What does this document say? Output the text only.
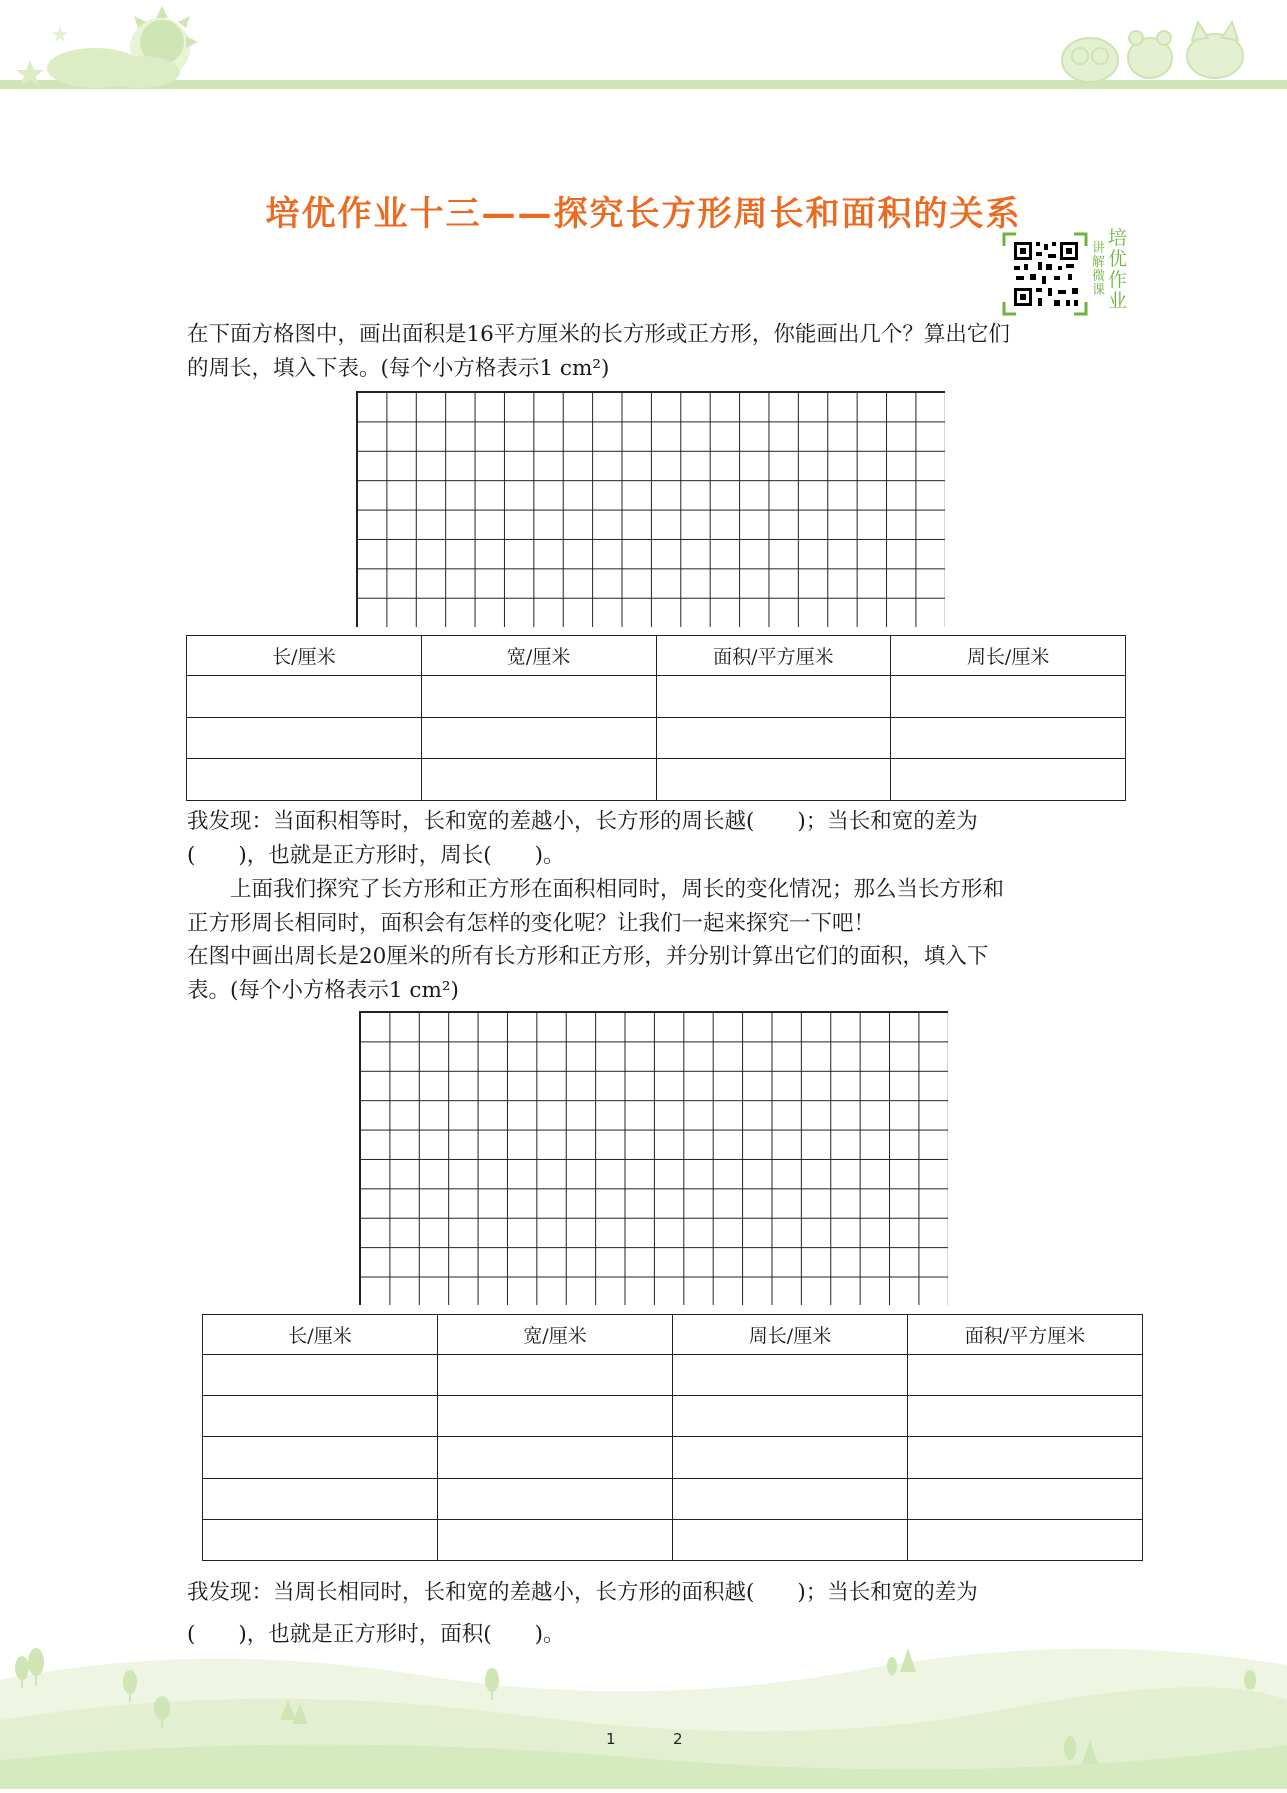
培优作业十三——探究长方形周长和面积的关系
讲解微课
培优作业
在下面方格图中，画出面积是16平方厘米的长方形或正方形，你能画出几个？算出它们
的周长，填入下表。(每个小方格表示1 cm²)
长/厘米	宽/厘米	面积/平方厘米	周长/厘米

我发现：当面积相等时，长和宽的差越小，长方形的周长越(　　)；当长和宽的差为
(　　)，也就是正方形时，周长(　　)。
上面我们探究了长方形和正方形在面积相同时，周长的变化情况；那么当长方形和
正方形周长相同时，面积会有怎样的变化呢？让我们一起来探究一下吧！
在图中画出周长是20厘米的所有长方形和正方形，并分别计算出它们的面积，填入下
表。(每个小方格表示1 cm²)
长/厘米	宽/厘米	周长/厘米	面积/平方厘米

我发现：当周长相同时，长和宽的差越小，长方形的面积越(　　)；当长和宽的差为
(　　)，也就是正方形时，面积(　　)。
1	2
